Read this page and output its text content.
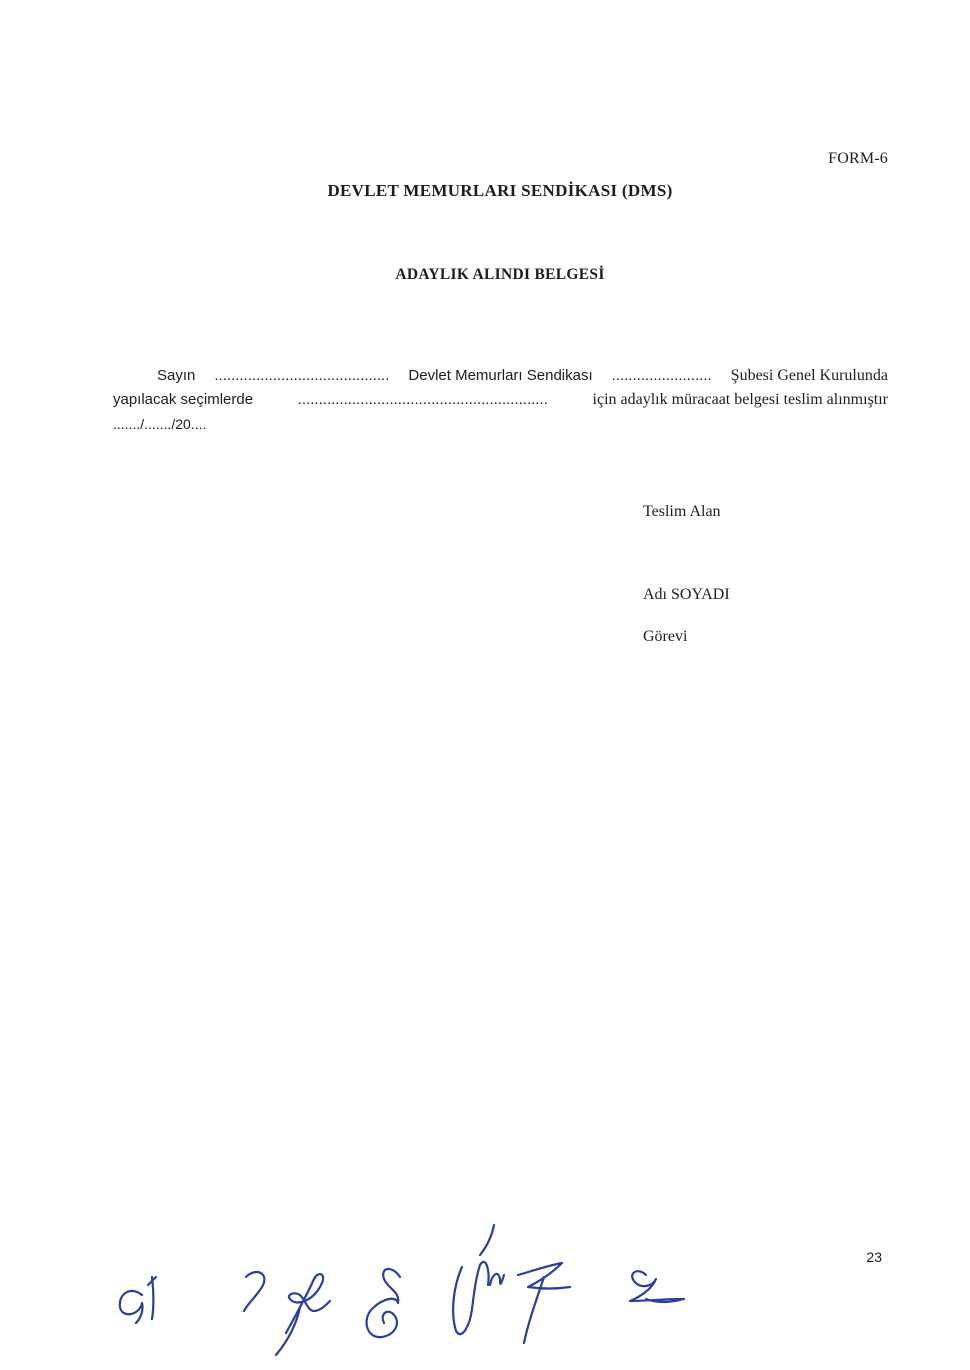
FORM-6
DEVLET MEMURLARI SENDİKASI (DMS)
ADAYLIK ALINDI BELGESİ
Sayın .......................................... Devlet Memurları Sendikası ........................ Şubesi Genel Kurulunda
yapılacak seçimlerde	............................................................	için adaylık müracaat belgesi teslim alınmıştır
......./......./20....
Teslim Alan
Adı SOYADI
Görevi
23
